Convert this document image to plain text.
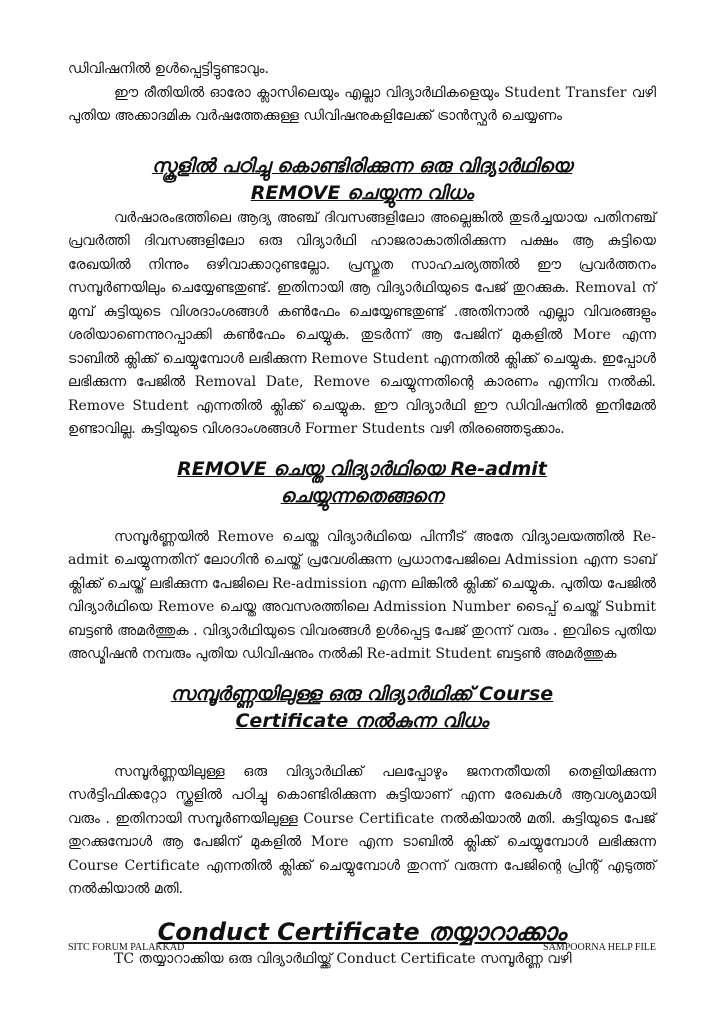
ഡിവിഷനിൽ ഉൾപ്പെട്ടിട്ടുണ്ടാവും.

ഈ രീതിയിൽ ഓരോ ക്ലാസിലെയും എല്ലാ വിദ്യാർഥികളെയും Student Transfer വഴി പുതിയ അക്കാദമിക വർഷത്തേക്കുള്ള ഡിവിഷനുകളിലേക്ക് ട്രാൻസ്ഫർ ചെയ്യണം

സ്കൂളിൽ പഠിച്ചു കൊണ്ടിരിക്കുന്ന ഒരു വിദ്യാർഥിയെ
REMOVE ചെയ്യുന്ന വിധം

വർഷാരംഭത്തിലെ ആദ്യ അഞ്ച് ദിവസങ്ങളിലോ അല്ലെങ്കിൽ തുടർച്ചയായ പതിനഞ്ച് പ്രവർത്തി ദിവസങ്ങളിലോ ഒരു വിദ്യാർഥി ഹാജരാകാതിരിക്കുന്ന പക്ഷം ആ കുട്ടിയെ രേഖയിൽ നിന്നും ഒഴിവാക്കാറുണ്ടല്ലോ. പ്രസ്തുത സാഹചര്യത്തിൽ ഈ പ്രവർത്തനം സമ്പൂർണയിലും ചെയ്യേണ്ടതുണ്ട്. ഇതിനായി ആ വിദ്യാർഥിയുടെ പേജ് തുറക്കുക. Removal ന് മുമ്പ് കുട്ടിയുടെ വിശദാംശങ്ങൾ കൺഫേം ചെയ്യേണ്ടതുണ്ട് .അതിനാൽ എല്ലാ വിവരങ്ങളും ശരിയാണെന്നുറപ്പാക്കി കൺഫേം ചെയ്യുക. തുടർന്ന് ആ പേജിന് മുകളിൽ More എന്ന ടാബിൽ ക്ലിക്ക് ചെയ്യുമ്പോൾ ലഭിക്കുന്ന Remove Student എന്നതിൽ ക്ലിക്ക് ചെയ്യുക. ഇപ്പോൾ ലഭിക്കുന്ന പേജിൽ Removal Date, Remove ചെയ്യുന്നതിന്റെ കാരണം എന്നിവ നൽകി. Remove Student എന്നതിൽ ക്ലിക്ക് ചെയ്യുക. ഈ വിദ്യാർഥി ഈ ഡിവിഷനിൽ ഇനിമേൽ ഉണ്ടാവില്ല. കുട്ടിയുടെ വിശദാംശങ്ങൾ Former Students വഴി തിരഞ്ഞെടുക്കാം.

REMOVE ചെയ്ത വിദ്യാർഥിയെ Re-admit
ചെയ്യുന്നതെങ്ങനെ

സമ്പൂർണ്ണയിൽ Remove ചെയ്ത വിദ്യാർഥിയെ പിന്നീട് അതേ വിദ്യാലയത്തിൽ Re-admit ചെയ്യുന്നതിന് ലോഗിൻ ചെയ്ത് പ്രവേശിക്കുന്ന പ്രധാനപേജിലെ Admission എന്ന ടാബ് ക്ലിക്ക് ചെയ്ത് ലഭിക്കുന്ന പേജിലെ Re-admission എന്ന ലിങ്കിൽ ക്ലിക്ക് ചെയ്യുക. പുതിയ പേജിൽ വിദ്യാർഥിയെ Remove ചെയ്ത അവസരത്തിലെ Admission Number ടൈപ്പ് ചെയ്ത് Submit ബട്ടൺ അമർത്തുക . വിദ്യാർഥിയുടെ വിവരങ്ങൾ ഉൾപ്പെട്ട പേജ് തുറന്ന് വരും . ഇവിടെ പുതിയ അഡ്മിഷൻ നമ്പരും പുതിയ ഡിവിഷനും നൽകി Re-admit Student ബട്ടൺ അമർത്തുക

സമ്പൂർണ്ണയിലുള്ള ഒരു വിദ്യാർഥിക്ക് Course
Certificate നൽകുന്ന വിധം

സമ്പൂർണ്ണയിലുള്ള ഒരു വിദ്യാർഥിക്ക് പലപ്പോഴും ജനനതീയതി തെളിയിക്കുന്ന സർട്ടിഫിക്കറ്റോ സ്കൂളിൽ പഠിച്ചു കൊണ്ടിരിക്കുന്ന കുട്ടിയാണ് എന്ന രേഖകൾ ആവശ്യമായി വരും . ഇതിനായി സമ്പൂർണയിലുള്ള Course Certificate നൽകിയാൽ മതി. കുട്ടിയുടെ പേജ് തുറക്കുമ്പോൾ ആ പേജിന് മുകളിൽ More എന്ന ടാബിൽ ക്ലിക്ക് ചെയ്യുമ്പോൾ ലഭിക്കുന്ന Course Certificate എന്നതിൽ ക്ലിക്ക് ചെയ്യുമ്പോൾ തുറന്ന് വരുന്ന പേജിന്റെ പ്രിന്റ് എടുത്ത് നൽകിയാൽ മതി.

Conduct Certificate തയ്യാറാക്കാം

TC തയ്യാറാക്കിയ ഒരു വിദ്യാർഥിയ്ക്ക് Conduct Certificate സമ്പൂർണ്ണ വഴി

SITC FORUM PALAKKAD	SAMPOORNA HELP FILE
